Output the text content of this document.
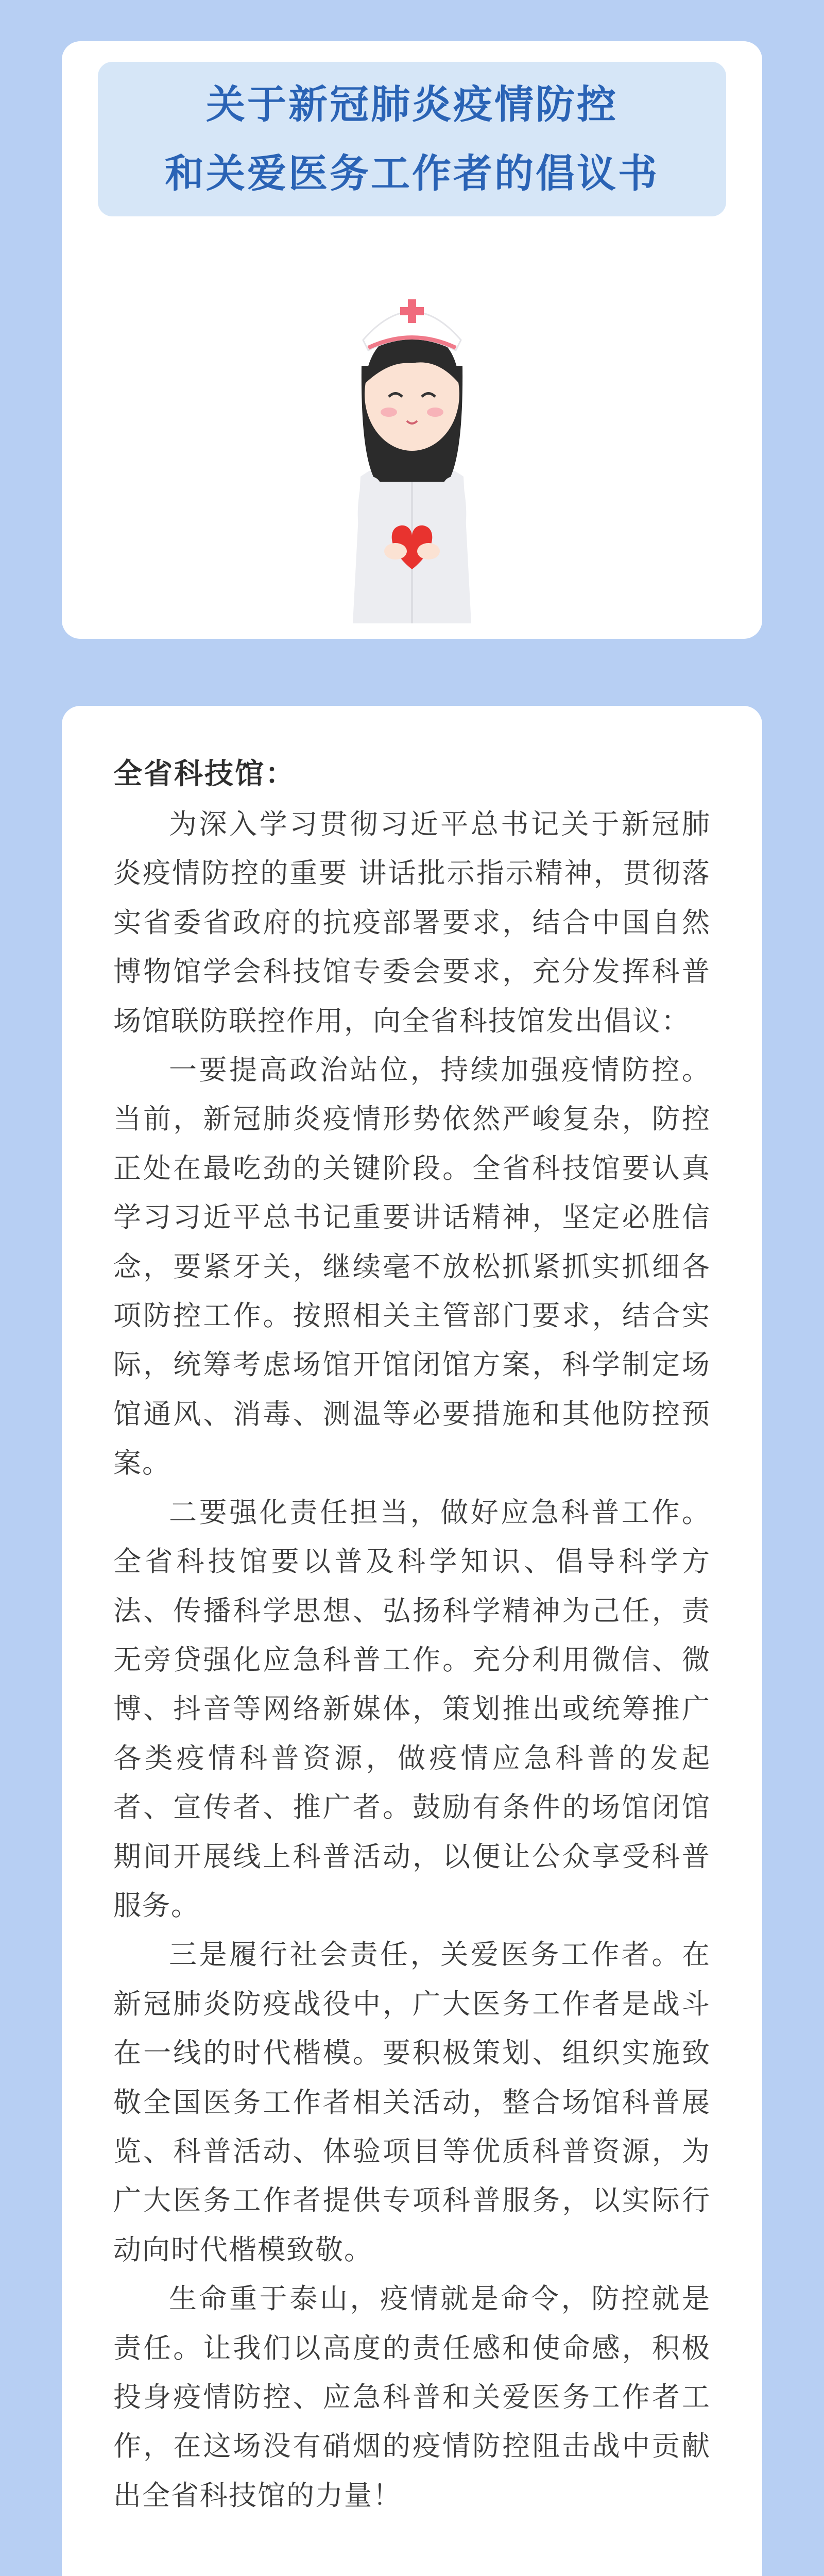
关于新冠肺炎疫情防控
和关爱医务工作者的倡议书
全省科技馆：

为深入学习贯彻习近平总书记关于新冠肺炎疫情防控的重要 讲话批示指示精神，贯彻落实省委省政府的抗疫部署要求，结合中国自然博物馆学会科技馆专委会要求，充分发挥科普场馆联防联控作用，向全省科技馆发出倡议：

一要提高政治站位，持续加强疫情防控。当前，新冠肺炎疫情形势依然严峻复杂，防控正处在最吃劲的关键阶段。全省科技馆要认真学习习近平总书记重要讲话精神，坚定必胜信念，要紧牙关，继续毫不放松抓紧抓实抓细各项防控工作。按照相关主管部门要求，结合实际，统筹考虑场馆开馆闭馆方案，科学制定场馆通风、消毒、测温等必要措施和其他防控预案。

二要强化责任担当，做好应急科普工作。全省科技馆要以普及科学知识、倡导科学方法、传播科学思想、弘扬科学精神为己任，责无旁贷强化应急科普工作。充分利用微信、微博、抖音等网络新媒体，策划推出或统筹推广各类疫情科普资源，做疫情应急科普的发起者、宣传者、推广者。鼓励有条件的场馆闭馆期间开展线上科普活动，以便让公众享受科普服务。

三是履行社会责任，关爱医务工作者。在新冠肺炎防疫战役中，广大医务工作者是战斗在一线的时代楷模。要积极策划、组织实施致敬全国医务工作者相关活动，整合场馆科普展览、科普活动、体验项目等优质科普资源，为广大医务工作者提供专项科普服务，以实际行动向时代楷模致敬。

生命重于泰山，疫情就是命令，防控就是责任。让我们以高度的责任感和使命感，积极投身疫情防控、应急科普和关爱医务工作者工作，在这场没有硝烟的疫情防控阻击战中贡献出全省科技馆的力量！
